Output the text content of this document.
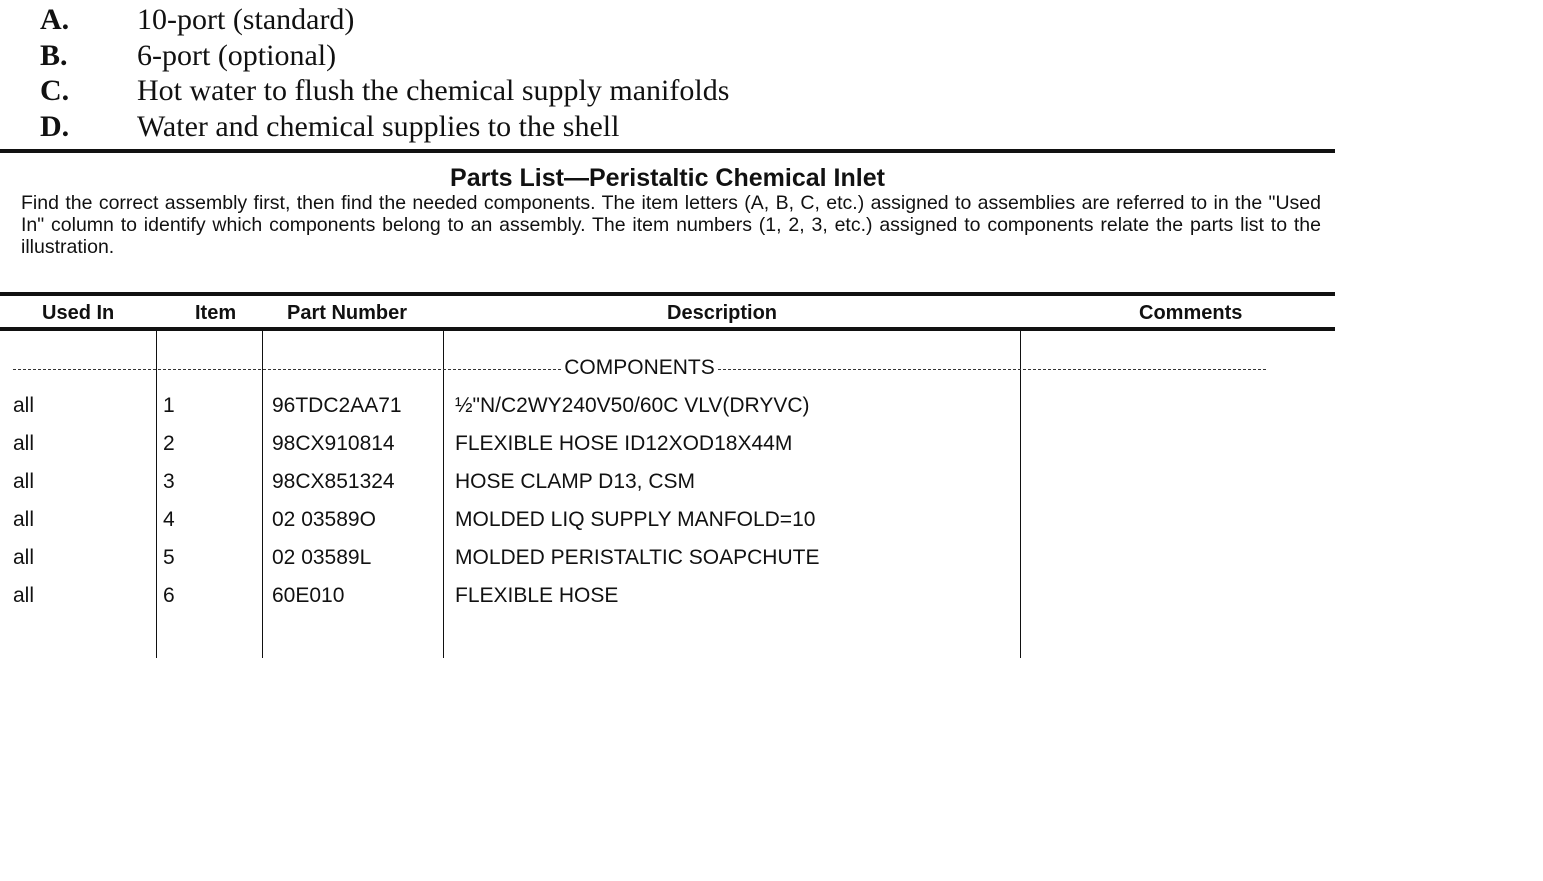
A. 10-port (standard)
B. 6-port (optional)
C. Hot water to flush the chemical supply manifolds
D. Water and chemical supplies to the shell
Parts List—Peristaltic Chemical Inlet
Find the correct assembly first, then find the needed components. The item letters (A, B, C, etc.) assigned to assemblies are referred to in the "Used In" column to identify which components belong to an assembly. The item numbers (1, 2, 3, etc.) assigned to components relate the parts list to the illustration.
Used In	Item	Part Number	Description	Comments
COMPONENTS
all	1	96TDC2AA71	½"N/C2WY240V50/60C VLV(DRYVC)
all	2	98CX910814	FLEXIBLE HOSE ID12XOD18X44M
all	3	98CX851324	HOSE CLAMP D13, CSM
all	4	02 03589O	MOLDED LIQ SUPPLY MANFOLD=10
all	5	02 03589L	MOLDED PERISTALTIC SOAPCHUTE
all	6	60E010	FLEXIBLE HOSE
